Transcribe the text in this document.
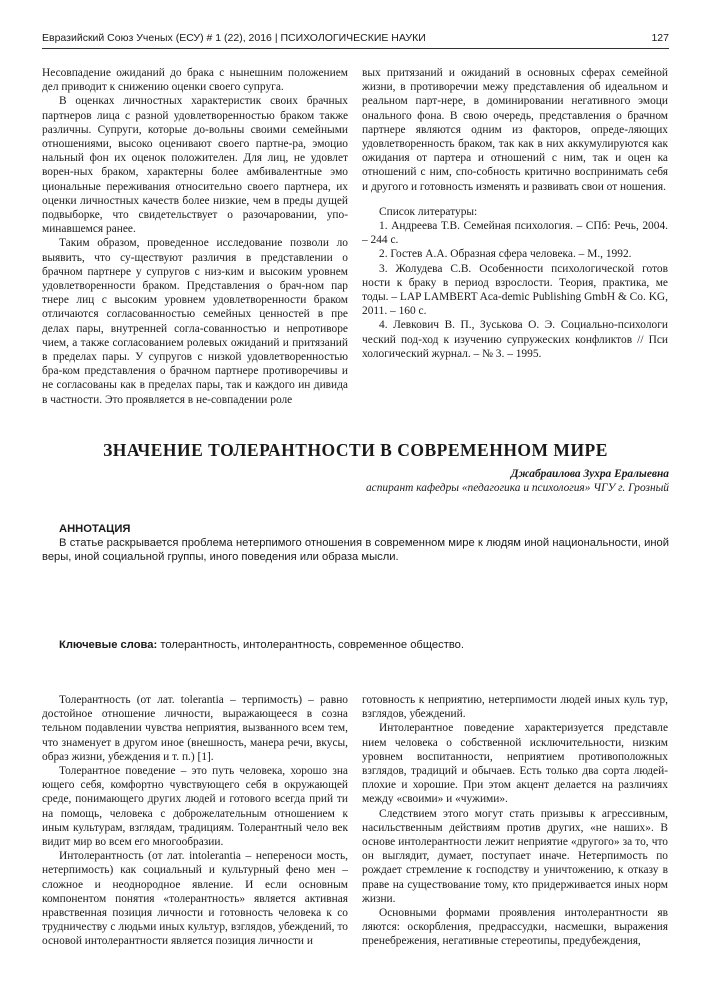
Евразийский Союз Ученых (ЕСУ) # 1 (22), 2016 | ПСИХОЛОГИЧЕСКИЕ НАУКИ	127

Несовпадение ожиданий до брака с нынешним положением дел приводит к снижению оценки своего супруга.

В оценках личностных характеристик своих брачных партнеров лица с разной удовлетворенностью браком также различны. Супруги, которые до-вольны своими семейными отношениями, высоко оценивают своего партне-ра, эмоцио нальный фон их оценок положителен. Для лиц, не удовлет ворен-ных браком, характерны более амбивалентные эмо циональные переживания относительно своего партнера, их оценки личностных качеств более низкие, чем в преды дущей подвыборке, что свидетельствует о разочаровании, упо-минавшемся ранее.

Таким образом, проведенное исследование позволи ло выявить, что су-ществуют различия в представлении о брачном партнере у супругов с низ-ким и высоким уровнем удовлетворенности браком. Представления о брач-ном пар тнере лиц с высоким уровнем удовлетворенности браком отличаются согласованностью семейных ценностей в пре делах пары, внутренней согла-сованностью и непротиворе чием, а также согласованием ролевых ожиданий и притязаний в пределах пары. У супругов с низкой удовлетворенностью бра-ком представления о брачном партнере противоречивы и не согласованы как в пределах пары, так и каждого ин дивида в частности. Это проявляется в не-совпадении роле

вых притязаний и ожиданий в основных сферах семейной жизни, в противоречии межу представления об идеальном и реальном парт-нере, в доминировании негативного эмоци онального фона. В свою очередь, представления о брачном партнере являются одним из факторов, опреде-ляющих удовлетворенность браком, так как в них аккумулируются как ожидания от партера и отношений с ним, так и оцен ка отношений с ним, спо-собность критично воспринимать себя и другого и готовность изменять и развивать свои от ношения.

Список литературы:

1. Андреева Т.В. Семейная психология. – СПб: Речь, 2004. – 244 с.

2. Гостев А.А. Образная сфера человека. – М., 1992.

3. Жолудева С.В. Особенности психологической готов ности к браку в период взрослости. Теория, практика, ме тоды. – LAP LAMBERT Aca-demic Publishing GmbH & Co. KG, 2011. – 160 с.

4. Левкович В. П., Зуськова О. Э. Социально-психологи ческий под-ход к изучению супружеских конфликтов // Пси хологический журнал. – № 3. – 1995.

ЗНАЧЕНИЕ ТОЛЕРАНТНОСТИ В СОВРЕМЕННОМ МИРЕ
Джабраилова Зухра Ералыевна
аспирант кафедры «педагогика и психология» ЧГУ г. Грозный
АННОТАЦИЯ

В статье раскрывается проблема нетерпимого отношения в современном мире к людям иной национальности, иной веры, иной социальной группы, иного поведения или образа мысли.

Ключевые слова: толерантность, интолерантность, современное общество.

Толерантность (от лат. tolerantia – терпимость) – равно достойное отношение личности, выражающееся в созна тельном подавлении чувства неприятия, вызванного всем тем, что знаменует в другом иное (внешность, манера речи, вкусы, образ жизни, убеждения и т. п.) [1].

Толерантное поведение – это путь человека, хорошо зна ющего себя, комфортно чувствующего себя в окружающей среде, понимающего других людей и готового всегда прий ти на помощь, человека с доброжелательным отношением к иным культурам, взглядам, традициям. Толерантный чело век видит мир во всем его многообразии.

Интолерантность (от лат. intolerantia – непереноси мость, нетерпимость) как социальный и культурный фено мен – сложное и неоднородное явление. И если основным компонентом понятия «толерантность» является активная нравственная позиция личности и готовность человека к со трудничеству с людьми иных культур, взглядов, убеждений, то основой интолерантности является позиция личности и

готовность к неприятию, нетерпимости людей иных куль тур, взглядов, убеждений.

Интолерантное поведение характеризуется представле нием человека о собственной исключительности, низким уровнем воспитанности, неприятием противоположных взглядов, традиций и обычаев. Есть только два сорта людей-плохие и хорошие. При этом акцент делается на различиях между «своими» и «чужими».

Следствием этого могут стать призывы к агрессивным, насильственным действиям против других, «не наших». В основе интолерантности лежит неприятие «другого» за то, что он выглядит, думает, поступает иначе. Нетерпимость по рождает стремление к господству и уничтожению, к отказу в праве на существование тому, кто придерживается иных норм жизни.

Основными формами проявления интолерантности яв ляются: оскорбления, предрассудки, насмешки, выражения пренебрежения, негативные стереотипы, предубеждения,
